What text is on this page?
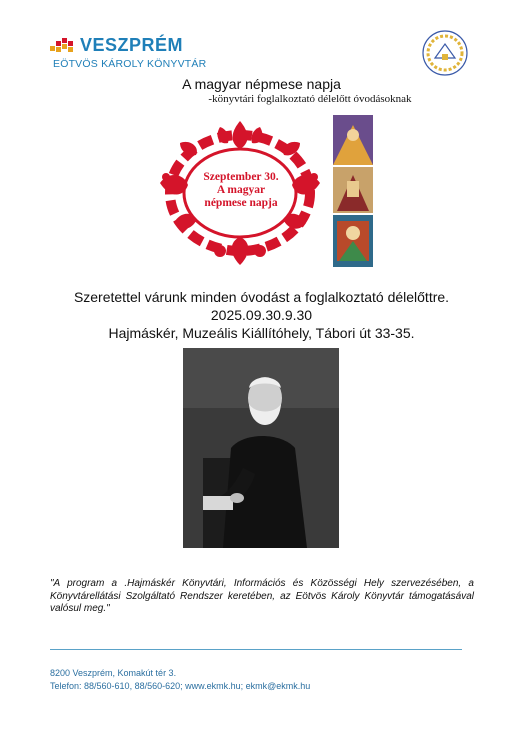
VESZPRÉM
EÖTVÖS KÁROLY KÖNYVTÁR
A magyar népmese napja
-könyvtári foglalkoztató délelőtt óvodásoknak
Szeptember 30.
A magyar
népmese napja
Szeretettel várunk minden óvodást a foglalkoztató délelőttre.
2025.09.30.9.30
Hajmáskér, Muzeális Kiállítóhely, Tábori út 33-35.
"A program a .Hajmáskér Könyvtári, Információs és Közösségi Hely szervezésében, a Könyvtárellátási Szolgáltató Rendszer keretében, az Eötvös Károly Könyvtár támogatásával valósul meg."
8200 Veszprém, Komakút tér 3.
Telefon: 88/560-610, 88/560-620; www.ekmk.hu; ekmk@ekmk.hu
